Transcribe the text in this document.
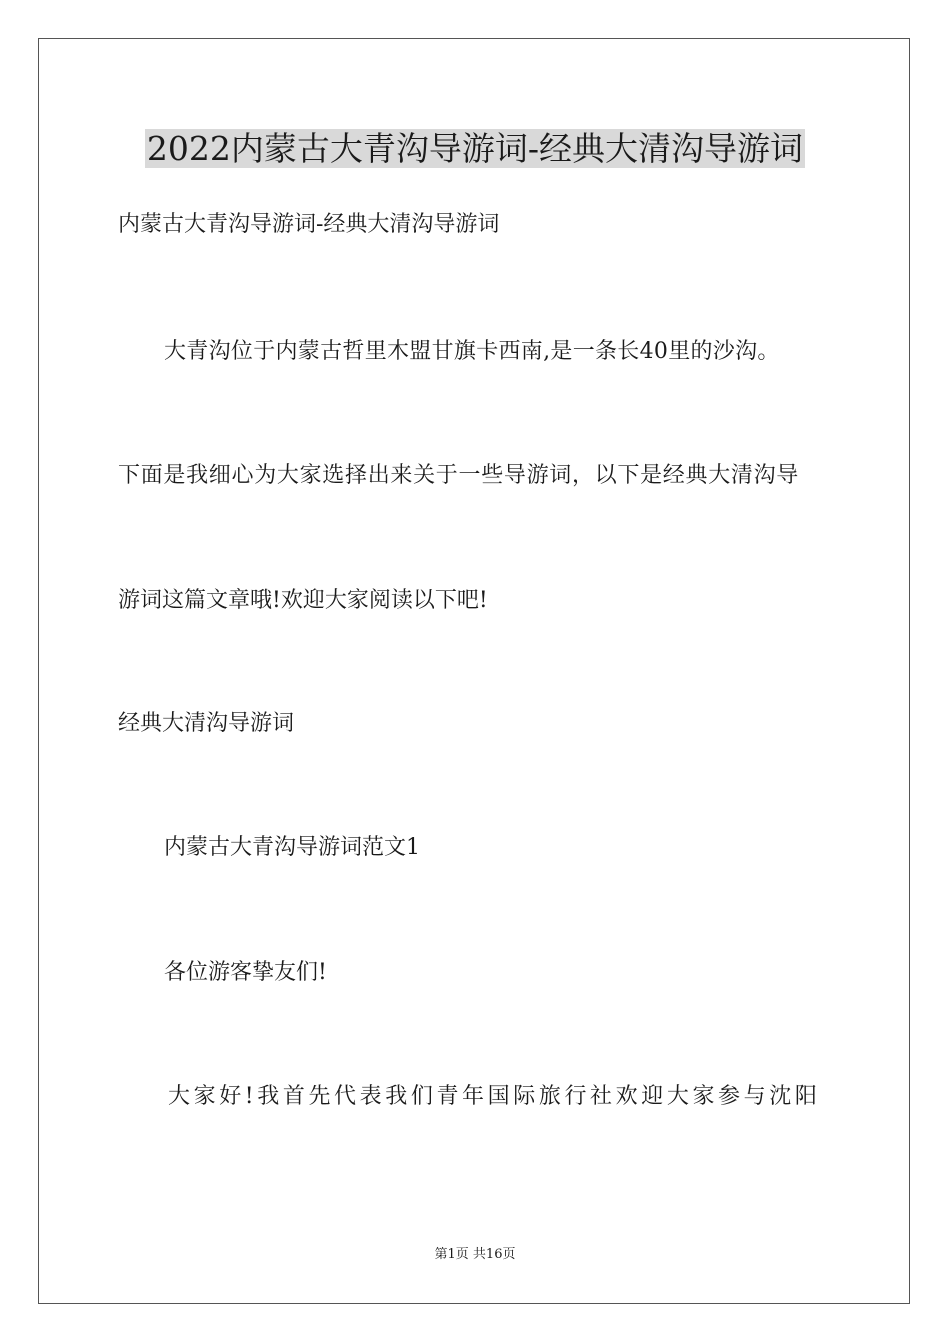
2022内蒙古大青沟导游词-经典大清沟导游词
内蒙古大青沟导游词-经典大清沟导游词
大青沟位于内蒙古哲里木盟甘旗卡西南,是一条长40里的沙沟。
下面是我细心为大家选择出来关于一些导游词，以下是经典大清沟导
游词这篇文章哦!欢迎大家阅读以下吧!
经典大清沟导游词
内蒙古大青沟导游词范文1
各位游客挚友们!
大家好!我首先代表我们青年国际旅行社欢迎大家参与沈阳
第1页 共16页
